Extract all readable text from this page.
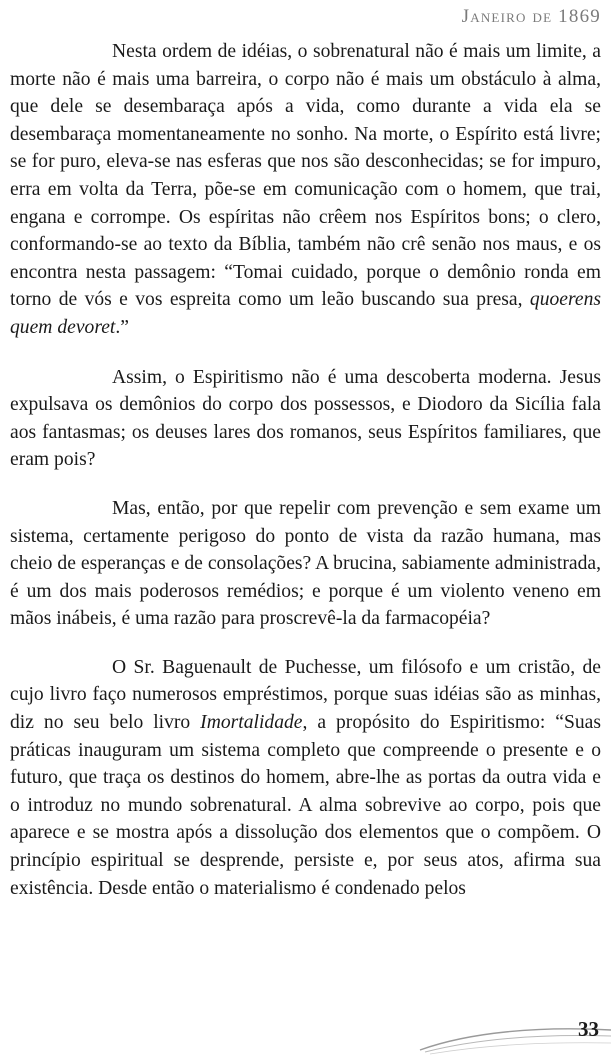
Janeiro de 1869

Nesta ordem de idéias, o sobrenatural não é mais um limite, a morte não é mais uma barreira, o corpo não é mais um obstáculo à alma, que dele se desembaraça após a vida, como durante a vida ela se desembaraça momentaneamente no sonho. Na morte, o Espírito está livre; se for puro, eleva-se nas esferas que nos são desconhecidas; se for impuro, erra em volta da Terra, põe-se em comunicação com o homem, que trai, engana e corrompe. Os espíritas não crêem nos Espíritos bons; o clero, conformando-se ao texto da Bíblia, também não crê senão nos maus, e os encontra nesta passagem: “Tomai cuidado, porque o demônio ronda em torno de vós e vos espreita como um leão buscando sua presa, quoerens quem devoret.”

Assim, o Espiritismo não é uma descoberta moderna. Jesus expulsava os demônios do corpo dos possessos, e Diodoro da Sicília fala aos fantasmas; os deuses lares dos romanos, seus Espíritos familiares, que eram pois?

Mas, então, por que repelir com prevenção e sem exame um sistema, certamente perigoso do ponto de vista da razão humana, mas cheio de esperanças e de consolações? A brucina, sabiamente administrada, é um dos mais poderosos remédios; e porque é um violento veneno em mãos inábeis, é uma razão para proscrevê-la da farmacopéia?

O Sr. Baguenault de Puchesse, um filósofo e um cristão, de cujo livro faço numerosos empréstimos, porque suas idéias são as minhas, diz no seu belo livro Imortalidade, a propósito do Espiritismo: “Suas práticas inauguram um sistema completo que compreende o presente e o futuro, que traça os destinos do homem, abre-lhe as portas da outra vida e o introduz no mundo sobrenatural. A alma sobrevive ao corpo, pois que aparece e se mostra após a dissolução dos elementos que o compõem. O princípio espiritual se desprende, persiste e, por seus atos, afirma sua existência. Desde então o materialismo é condenado pelos

33
